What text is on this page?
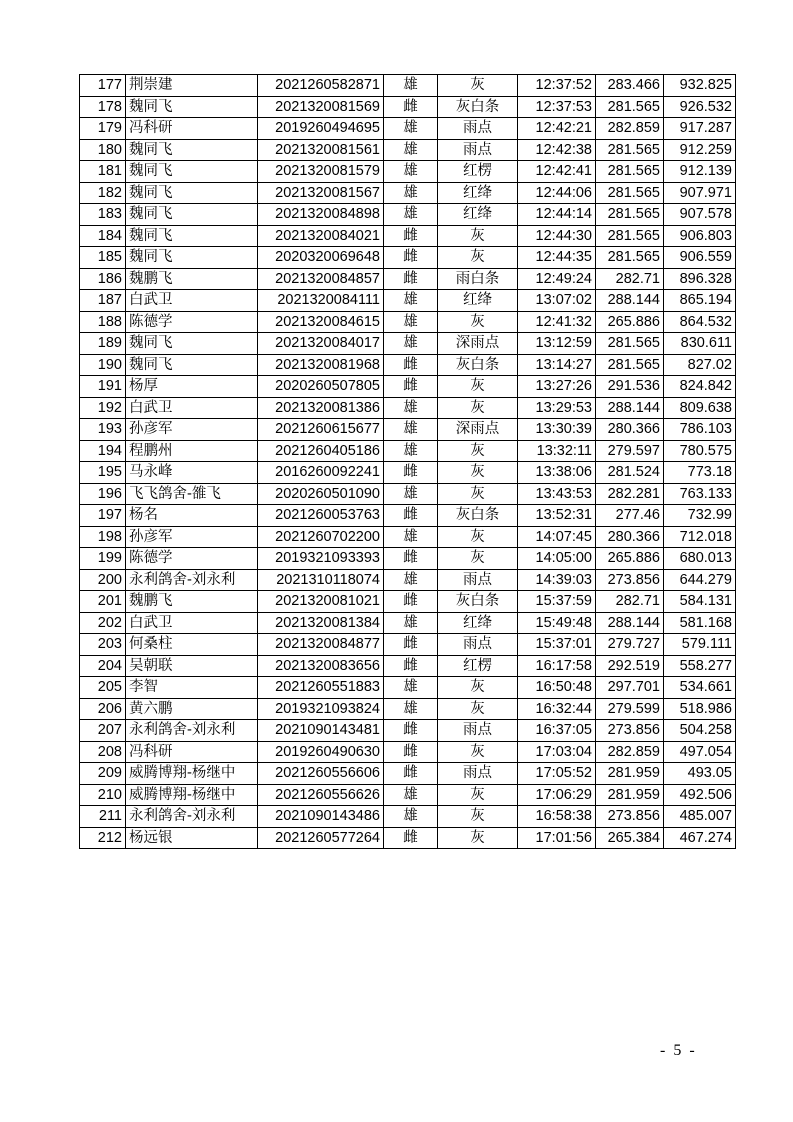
177	荆崇建	2021260582871	雄	灰	12:37:52	283.466	932.825
178	魏同飞	2021320081569	雌	灰白条	12:37:53	281.565	926.532
179	冯科研	2019260494695	雄	雨点	12:42:21	282.859	917.287
180	魏同飞	2021320081561	雄	雨点	12:42:38	281.565	912.259
181	魏同飞	2021320081579	雄	红楞	12:42:41	281.565	912.139
182	魏同飞	2021320081567	雄	红绛	12:44:06	281.565	907.971
183	魏同飞	2021320084898	雄	红绛	12:44:14	281.565	907.578
184	魏同飞	2021320084021	雌	灰	12:44:30	281.565	906.803
185	魏同飞	2020320069648	雌	灰	12:44:35	281.565	906.559
186	魏鹏飞	2021320084857	雌	雨白条	12:49:24	282.71	896.328
187	白武卫	2021320084111	雄	红绛	13:07:02	288.144	865.194
188	陈德学	2021320084615	雄	灰	12:41:32	265.886	864.532
189	魏同飞	2021320084017	雄	深雨点	13:12:59	281.565	830.611
190	魏同飞	2021320081968	雌	灰白条	13:14:27	281.565	827.02
191	杨厚	2020260507805	雌	灰	13:27:26	291.536	824.842
192	白武卫	2021320081386	雄	灰	13:29:53	288.144	809.638
193	孙彦军	2021260615677	雄	深雨点	13:30:39	280.366	786.103
194	程鹏州	2021260405186	雄	灰	13:32:11	279.597	780.575
195	马永峰	2016260092241	雌	灰	13:38:06	281.524	773.18
196	飞飞鸽舍-雒飞	2020260501090	雄	灰	13:43:53	282.281	763.133
197	杨名	2021260053763	雌	灰白条	13:52:31	277.46	732.99
198	孙彦军	2021260702200	雄	灰	14:07:45	280.366	712.018
199	陈德学	2019321093393	雌	灰	14:05:00	265.886	680.013
200	永利鸽舍-刘永利	2021310118074	雄	雨点	14:39:03	273.856	644.279
201	魏鹏飞	2021320081021	雌	灰白条	15:37:59	282.71	584.131
202	白武卫	2021320081384	雄	红绛	15:49:48	288.144	581.168
203	何桑柱	2021320084877	雌	雨点	15:37:01	279.727	579.111
204	吴朝联	2021320083656	雌	红楞	16:17:58	292.519	558.277
205	李智	2021260551883	雄	灰	16:50:48	297.701	534.661
206	黄六鹏	2019321093824	雄	灰	16:32:44	279.599	518.986
207	永利鸽舍-刘永利	2021090143481	雌	雨点	16:37:05	273.856	504.258
208	冯科研	2019260490630	雌	灰	17:03:04	282.859	497.054
209	威腾博翔-杨继中	2021260556606	雌	雨点	17:05:52	281.959	493.05
210	威腾博翔-杨继中	2021260556626	雄	灰	17:06:29	281.959	492.506
211	永利鸽舍-刘永利	2021090143486	雄	灰	16:58:38	273.856	485.007
212	杨远银	2021260577264	雌	灰	17:01:56	265.384	467.274
- 5 -
